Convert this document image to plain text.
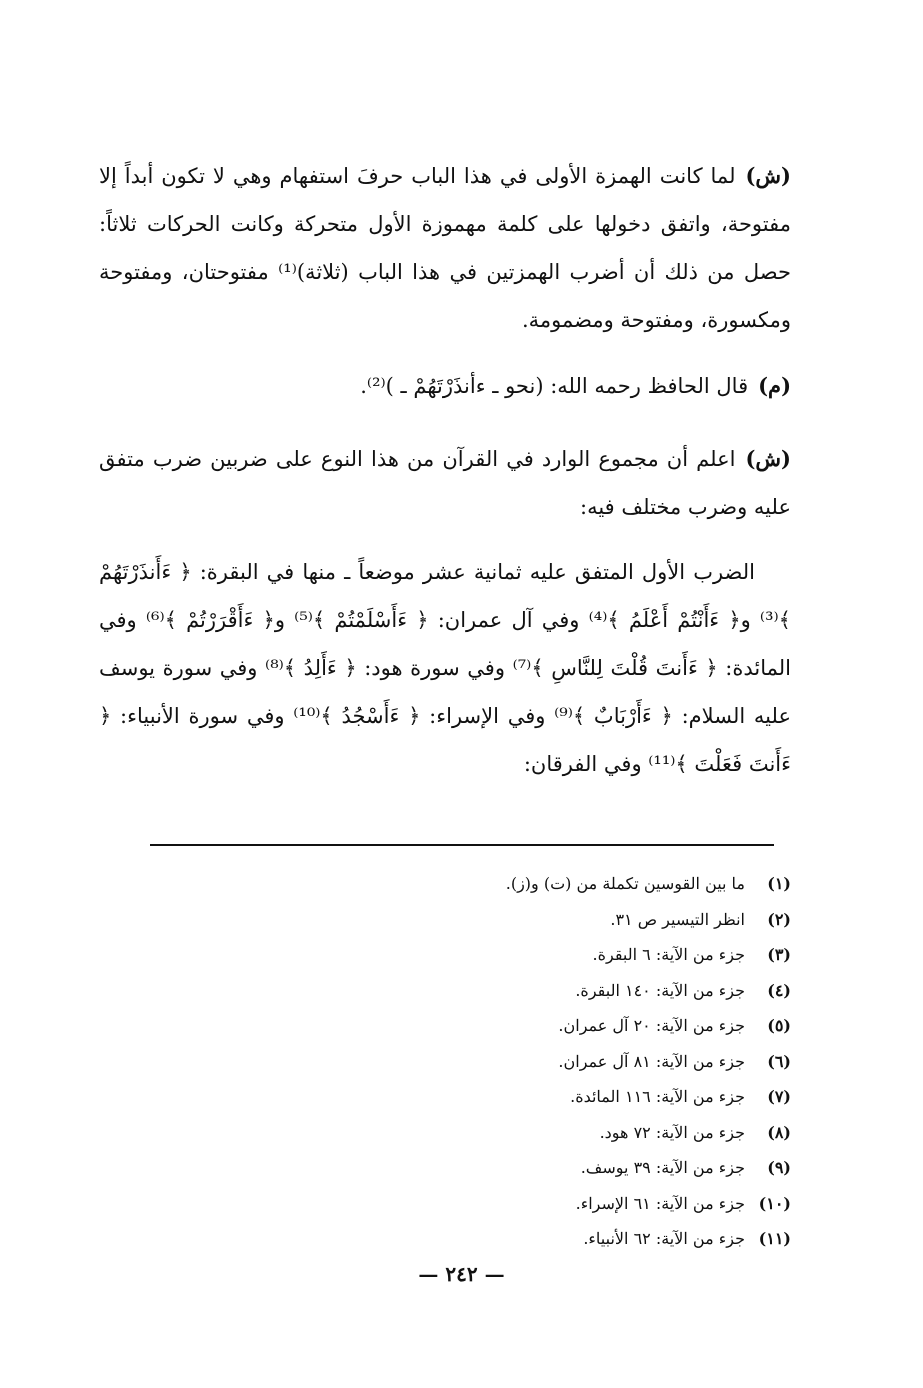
(ش)لما كانت الهمزة الأولى في هذا الباب حرفَ استفهام وهي لا تكون أبداً إلا مفتوحة، واتفق دخولها على كلمة مهموزة الأول متحركة وكانت الحركات ثلاثاً: حصل من ذلك أن أضرب الهمزتين في هذا الباب (ثلاثة)⁽¹⁾ مفتوحتان، ومفتوحة ومكسورة، ومفتوحة ومضمومة.
(م)قال الحافظ رحمه الله: (نحو ـ ءأنذَرْتَهُمْ ـ )⁽²⁾.
(ش)اعلم أن مجموع الوارد في القرآن من هذا النوع على ضربين ضرب متفق عليه وضرب مختلف فيه:
الضرب الأول المتفق عليه ثمانية عشر موضعاً ـ منها في البقرة: ﴿ ءَأَنذَرْتَهُمْ ﴾⁽³⁾ و﴿ ءَأَنْتُمْ أَعْلَمُ ﴾⁽⁴⁾ وفي آل عمران: ﴿ ءَأَسْلَمْتُمْ ﴾⁽⁵⁾ و﴿ ءَأَقْرَرْتُمْ ﴾⁽⁶⁾ وفي المائدة: ﴿ ءَأَنتَ قُلْتَ لِلنَّاسِ ﴾⁽⁷⁾ وفي سورة هود: ﴿ ءَأَلِدُ ﴾⁽⁸⁾ وفي سورة يوسف عليه السلام: ﴿ ءَأَرْبَابٌ ﴾⁽⁹⁾ وفي الإسراء: ﴿ ءَأَسْجُدُ ﴾⁽¹⁰⁾ وفي سورة الأنبياء: ﴿ ءَأَنتَ فَعَلْتَ ﴾⁽¹¹⁾ وفي الفرقان:
(١)ما بين القوسين تكملة من (ت) و(ز).
(٢)انظر التيسير ص ٣١.
(٣)جزء من الآية: ٦ البقرة.
(٤)جزء من الآية: ١٤٠ البقرة.
(٥)جزء من الآية: ٢٠ آل عمران.
(٦)جزء من الآية: ٨١ آل عمران.
(٧)جزء من الآية: ١١٦ المائدة.
(٨)جزء من الآية: ٧٢ هود.
(٩)جزء من الآية: ٣٩ يوسف.
(١٠)جزء من الآية: ٦١ الإسراء.
(١١)جزء من الآية: ٦٢ الأنبياء.
— ٢٤٢ —
